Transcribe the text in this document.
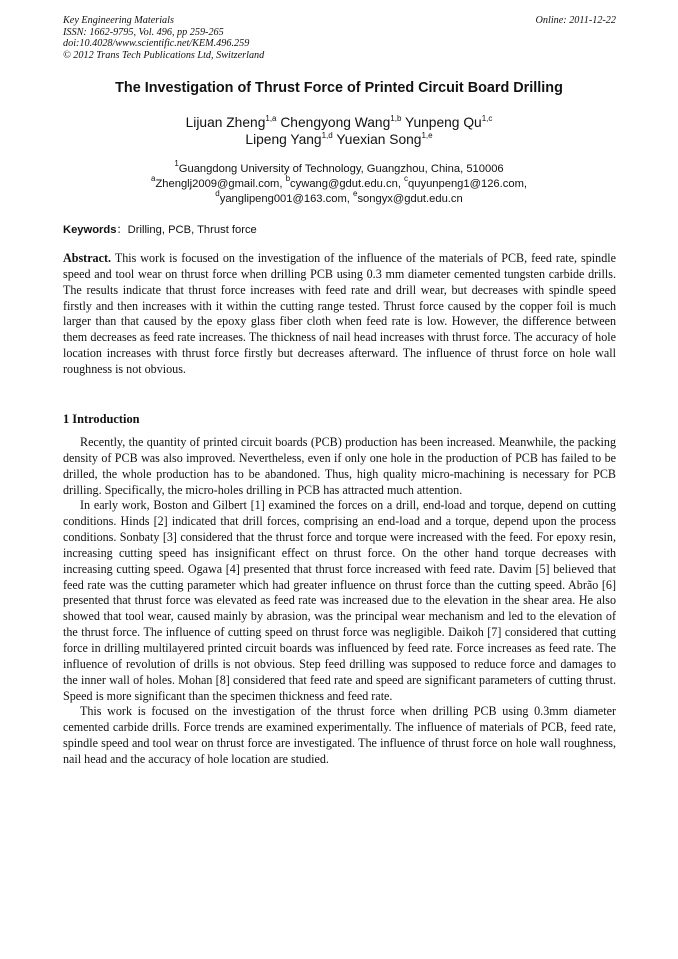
Key Engineering Materials
ISSN: 1662-9795, Vol. 496, pp 259-265
doi:10.4028/www.scientific.net/KEM.496.259
© 2012 Trans Tech Publications Ltd, Switzerland
Online: 2011-12-22
The Investigation of Thrust Force of Printed Circuit Board Drilling
Lijuan Zheng$^{1,a}$ Chengyong Wang$^{1,b}$ Yunpeng Qu$^{1,c}$
Lipeng Yang$^{1,d}$ Yuexian Song$^{1,e}$
$^1$Guangdong University of Technology, Guangzhou, China, 510006
$^a$Zhenglj2009@gmail.com, $^b$cywang@gdut.edu.cn, $^c$quyunpeng1@126.com,
$^d$yanglipeng001@163.com, $^e$songyx@gdut.edu.cn
Keywords：Drilling, PCB, Thrust force

Abstract. This work is focused on the investigation of the influence of the materials of PCB, feed rate, spindle speed and tool wear on thrust force when drilling PCB using 0.3 mm diameter cemented tungsten carbide drills. The results indicate that thrust force increases with feed rate and drill wear, but decreases with spindle speed firstly and then increases with it within the cutting range tested. Thrust force caused by the copper foil is much larger than that caused by the epoxy glass fiber cloth when feed rate is low. However, the difference between them decreases as feed rate increases. The thickness of nail head increases with thrust force. The accuracy of hole location increases with thrust force firstly but decreases afterward. The influence of thrust force on hole wall roughness is not obvious.

1 Introduction

Recently, the quantity of printed circuit boards (PCB) production has been increased. Meanwhile, the packing density of PCB was also improved. Nevertheless, even if only one hole in the production of PCB has failed to be drilled, the whole production has to be abandoned. Thus, high quality micro-machining is necessary for PCB drilling. Specifically, the micro-holes drilling in PCB has attracted much attention.

In early work, Boston and Gilbert [1] examined the forces on a drill, end-load and torque, depend on cutting conditions. Hinds [2] indicated that drill forces, comprising an end-load and a torque, depend upon the process conditions. Sonbaty [3] considered that the thrust force and torque were increased with the feed. For epoxy resin, increasing cutting speed has insignificant effect on thrust force. On the other hand torque decreases with increasing cutting speed. Ogawa [4] presented that thrust force increased with feed rate. Davim [5] believed that feed rate was the cutting parameter which had greater influence on thrust force than the cutting speed. Abrão [6] presented that thrust force was elevated as feed rate was increased due to the elevation in the shear area. He also showed that tool wear, caused mainly by abrasion, was the principal wear mechanism and led to the elevation of the thrust force. The influence of cutting speed on thrust force was negligible. Daikoh [7] considered that cutting force in drilling multilayered printed circuit boards was influenced by feed rate. Force increases as feed rate. The influence of revolution of drills is not obvious. Step feed drilling was supposed to reduce force and damages to the inner wall of holes. Mohan [8] considered that feed rate and speed are significant parameters of cutting thrust. Speed is more significant than the specimen thickness and feed rate.

This work is focused on the investigation of the thrust force when drilling PCB using 0.3mm diameter cemented carbide drills. Force trends are examined experimentally. The influence of materials of PCB, feed rate, spindle speed and tool wear on thrust force are investigated. The influence of thrust force on hole wall roughness, nail head and the accuracy of hole location are studied.
